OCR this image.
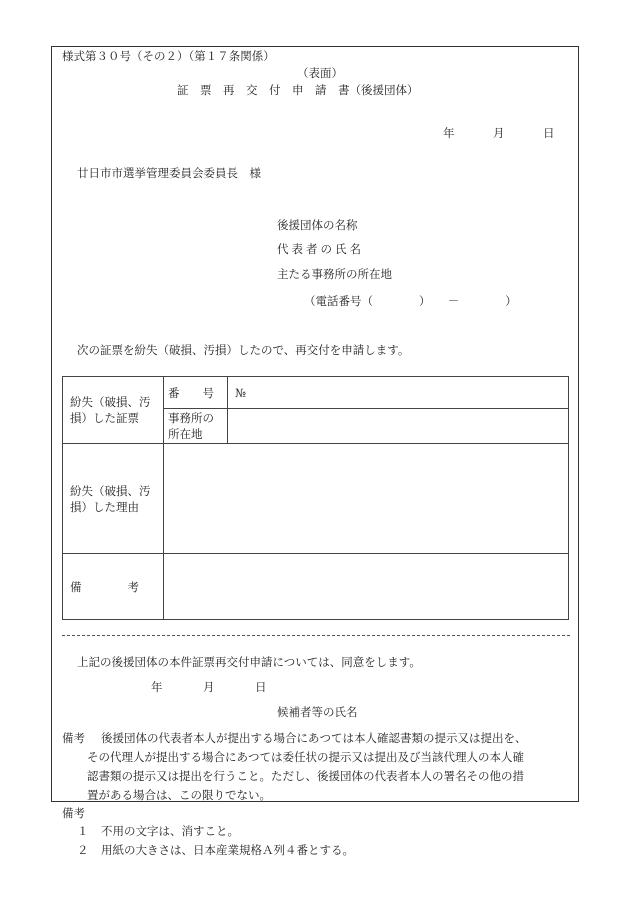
様式第３０号（その２）（第１７条関係）
（表面）
証　票　再　交　付　申　請　書（後援団体）
年	月	日
廿日市市選挙管理委員会委員長　様
後援団体の名称
代表者の氏名
主たる事務所の所在地
（電話番号（　　　　）　　－　　　　）
次の証票を紛失（破損、汚損）したので、再交付を申請します。
紛失（破損、汚損）した証票	番　　号	№
	事務所の所在地	
紛失（破損、汚損）した理由		
備　　　　考		
上記の後援団体の本件証票再交付申請については、同意をします。
年	月	日
候補者等の氏名
備考 後援団体の代表者本人が提出する場合にあつては本人確認書類の提示又は提出を、
その代理人が提出する場合にあつては委任状の提示又は提出及び当該代理人の本人確
認書類の提示又は提出を行うこと。ただし、後援団体の代表者本人の署名その他の措
置がある場合は、この限りでない。
備考
１ 不用の文字は、消すこと。
２ 用紙の大きさは、日本産業規格Ａ列４番とする。
